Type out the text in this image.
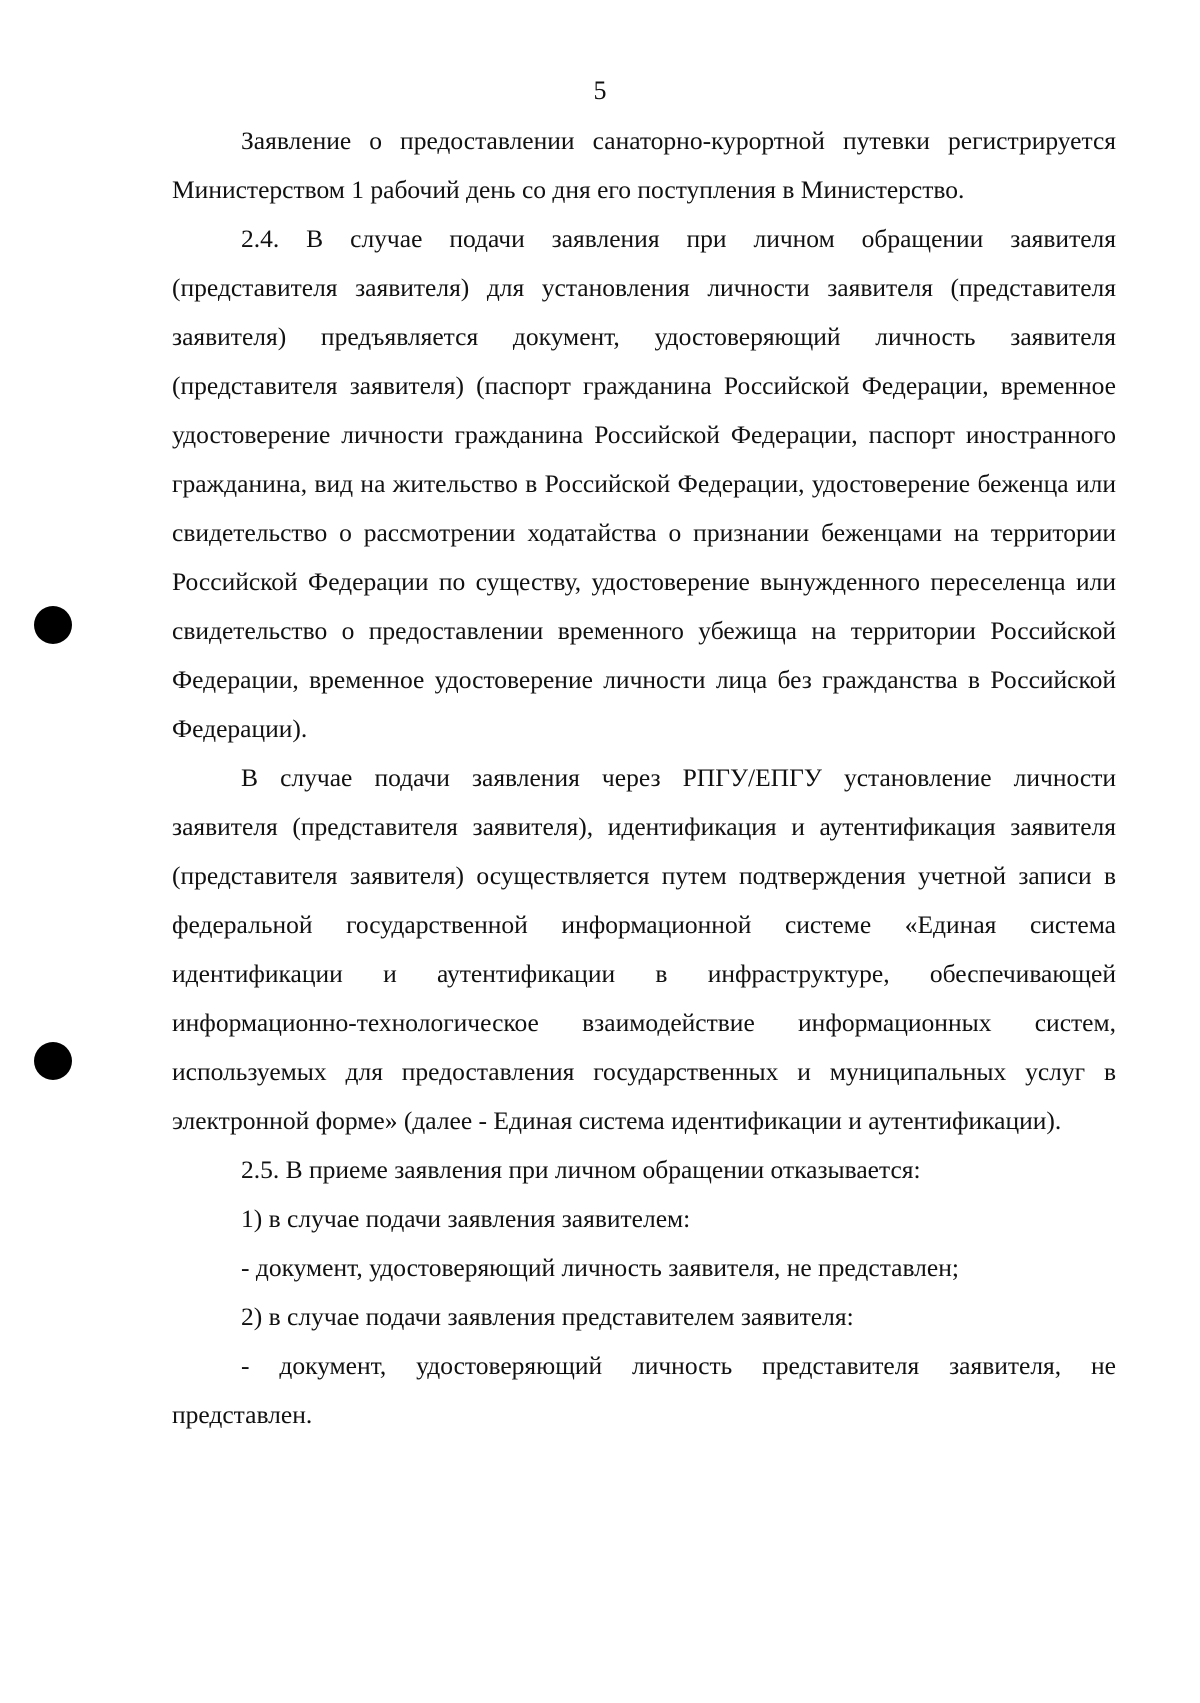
5

Заявление о предоставлении санаторно-курортной путевки регистрируется Министерством 1 рабочий день со дня его поступления в Министерство.

2.4. В случае подачи заявления при личном обращении заявителя (представителя заявителя) для установления личности заявителя (представителя заявителя) предъявляется документ, удостоверяющий личность заявителя (представителя заявителя) (паспорт гражданина Российской Федерации, временное удостоверение личности гражданина Российской Федерации, паспорт иностранного гражданина, вид на жительство в Российской Федерации, удостоверение беженца или свидетельство о рассмотрении ходатайства о признании беженцами на территории Российской Федерации по существу, удостоверение вынужденного переселенца или свидетельство о предоставлении временного убежища на территории Российской Федерации, временное удостоверение личности лица без гражданства в Российской Федерации).

В случае подачи заявления через РПГУ/ЕПГУ установление личности заявителя (представителя заявителя), идентификация и аутентификация заявителя (представителя заявителя) осуществляется путем подтверждения учетной записи в федеральной государственной информационной системе «Единая система идентификации и аутентификации в инфраструктуре, обеспечивающей информационно-технологическое взаимодействие информационных систем, используемых для предоставления государственных и муниципальных услуг в электронной форме» (далее - Единая система идентификации и аутентификации).

2.5. В приеме заявления при личном обращении отказывается:

1) в случае подачи заявления заявителем:

- документ, удостоверяющий личность заявителя, не представлен;

2) в случае подачи заявления представителем заявителя:

- документ, удостоверяющий личность представителя заявителя, не представлен.
